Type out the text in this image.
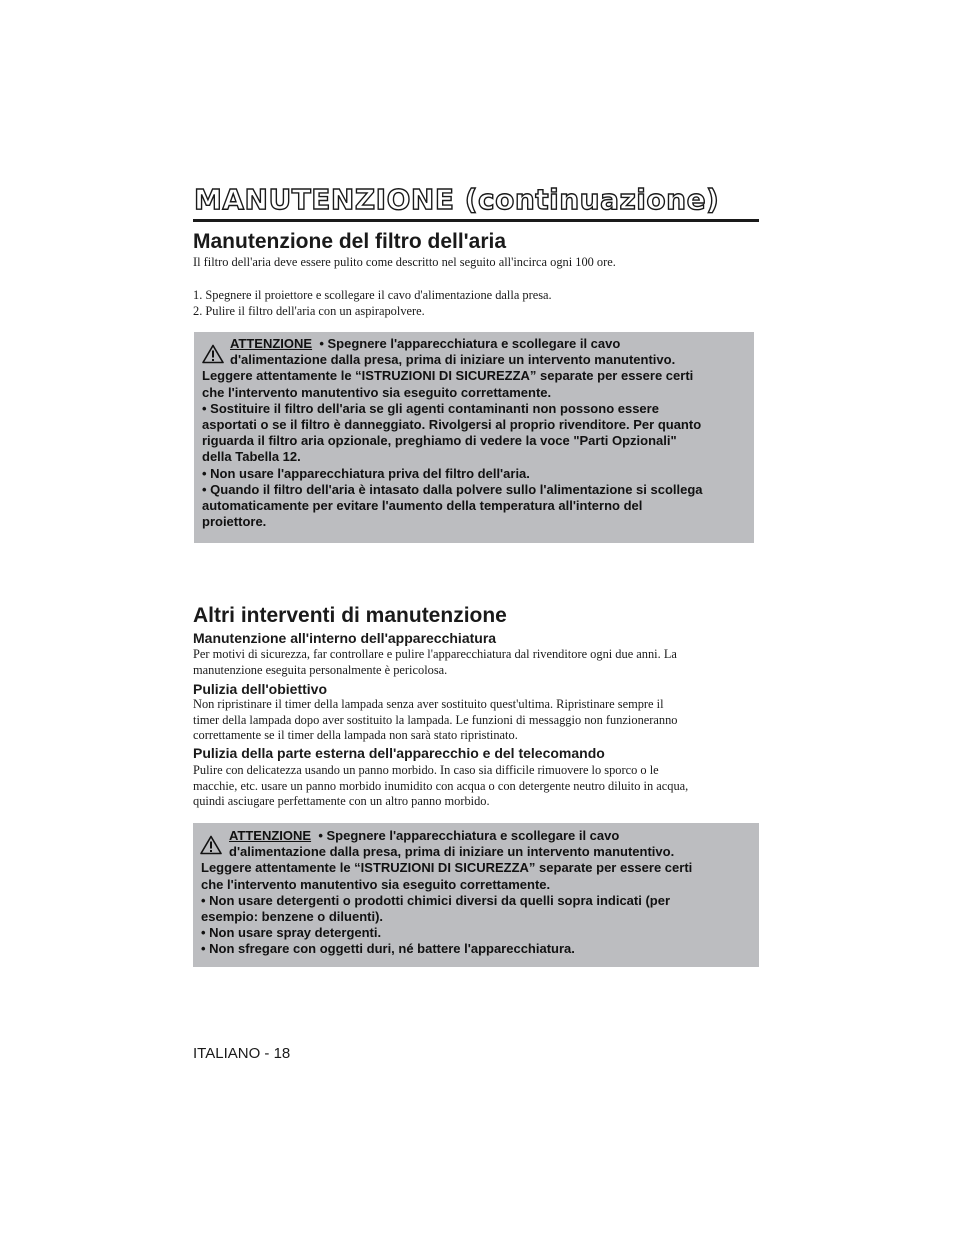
MANUTENZIONE (continuazione)
Manutenzione del filtro dell'aria

Il filtro dell'aria deve essere pulito come descritto nel seguito all'incirca ogni 100 ore.

1. Spegnere il proiettore e scollegare il cavo d'alimentazione dalla presa.

2. Pulire il filtro dell'aria con un aspirapolvere.

ATTENZIONE  • Spegnere l'apparecchiatura e scollegare il cavo

d'alimentazione dalla presa, prima di iniziare un intervento manutentivo.

Leggere attentamente le “ISTRUZIONI DI SICUREZZA” separate per essere certi

che l'intervento manutentivo sia eseguito correttamente.

• Sostituire il filtro dell'aria se gli agenti contaminanti non possono essere

asportati o se il filtro è danneggiato. Rivolgersi al proprio rivenditore. Per quanto

riguarda il filtro aria opzionale, preghiamo di vedere la voce "Parti Opzionali"

della Tabella 12.

• Non usare l'apparecchiatura priva del filtro dell'aria.

• Quando il filtro dell'aria è intasato dalla polvere sullo l'alimentazione si scollega

automaticamente per evitare l'aumento della temperatura all'interno del

proiettore.

Altri interventi di manutenzione
Manutenzione all'interno dell'apparecchiatura

Per motivi di sicurezza, far controllare e pulire l'apparecchiatura dal rivenditore ogni due anni. La

manutenzione eseguita personalmente è pericolosa.

Pulizia dell'obiettivo

Non ripristinare il timer della lampada senza aver sostituito quest'ultima. Ripristinare sempre il

timer della lampada dopo aver sostituito la lampada. Le funzioni di messaggio non funzioneranno

correttamente se il timer della lampada non sarà stato ripristinato.

Pulizia della parte esterna dell'apparecchio e del telecomando

Pulire con delicatezza usando un panno morbido. In caso sia difficile rimuovere lo sporco o le

macchie, etc. usare un panno morbido inumidito con acqua o con detergente neutro diluito in acqua,

quindi asciugare perfettamente con un altro panno morbido.

ATTENZIONE  • Spegnere l'apparecchiatura e scollegare il cavo

d'alimentazione dalla presa, prima di iniziare un intervento manutentivo.

Leggere attentamente le “ISTRUZIONI DI SICUREZZA” separate per essere certi

che l'intervento manutentivo sia eseguito correttamente.

• Non usare detergenti o prodotti chimici diversi da quelli sopra indicati (per

esempio: benzene o diluenti).

• Non usare spray detergenti.

• Non sfregare con oggetti duri, né battere l'apparecchiatura.

ITALIANO - 18
